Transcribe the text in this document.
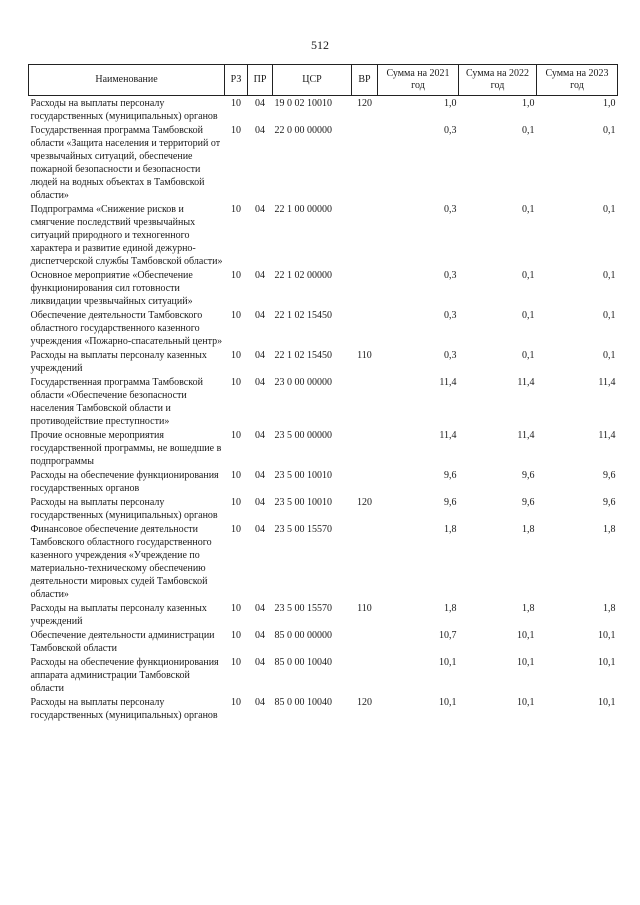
512
Наименование	РЗ	ПР	ЦСР	ВР	Сумма на 2021 год	Сумма на 2022 год	Сумма на 2023 год
Расходы на выплаты персоналу государственных (муниципальных) органов	10	04	19 0 02 10010	120	1,0	1,0	1,0
Государственная программа Тамбовской области «Защита населения и территорий от чрезвычайных ситуаций, обеспечение пожарной безопасности и безопасности людей на водных объектах в Тамбовской области»	10	04	22 0 00 00000		0,3	0,1	0,1
Подпрограмма «Снижение рисков и смягчение последствий чрезвычайных ситуаций природного и техногенного характера и развитие единой дежурно-диспетчерской службы Тамбовской области»	10	04	22 1 00 00000		0,3	0,1	0,1
Основное мероприятие «Обеспечение функционирования сил готовности ликвидации чрезвычайных ситуаций»	10	04	22 1 02 00000		0,3	0,1	0,1
Обеспечение деятельности Тамбовского областного государственного казенного учреждения «Пожарно-спасательный центр»	10	04	22 1 02 15450		0,3	0,1	0,1
Расходы на выплаты персоналу казенных учреждений	10	04	22 1 02 15450	110	0,3	0,1	0,1
Государственная программа Тамбовской области «Обеспечение безопасности населения Тамбовской области и противодействие преступности»	10	04	23 0 00 00000		11,4	11,4	11,4
Прочие основные мероприятия государственной программы, не вошедшие в подпрограммы	10	04	23 5 00 00000		11,4	11,4	11,4
Расходы на обеспечение функционирования государственных органов	10	04	23 5 00 10010		9,6	9,6	9,6
Расходы на выплаты персоналу государственных (муниципальных) органов	10	04	23 5 00 10010	120	9,6	9,6	9,6
Финансовое обеспечение деятельности Тамбовского областного государственного казенного учреждения «Учреждение по материально-техническому обеспечению деятельности мировых судей Тамбовской области»	10	04	23 5 00 15570		1,8	1,8	1,8
Расходы на выплаты персоналу казенных учреждений	10	04	23 5 00 15570	110	1,8	1,8	1,8
Обеспечение деятельности администрации Тамбовской области	10	04	85 0 00 00000		10,7	10,1	10,1
Расходы на обеспечение функционирования аппарата администрации Тамбовской области	10	04	85 0 00 10040		10,1	10,1	10,1
Расходы на выплаты персоналу государственных (муниципальных) органов	10	04	85 0 00 10040	120	10,1	10,1	10,1
